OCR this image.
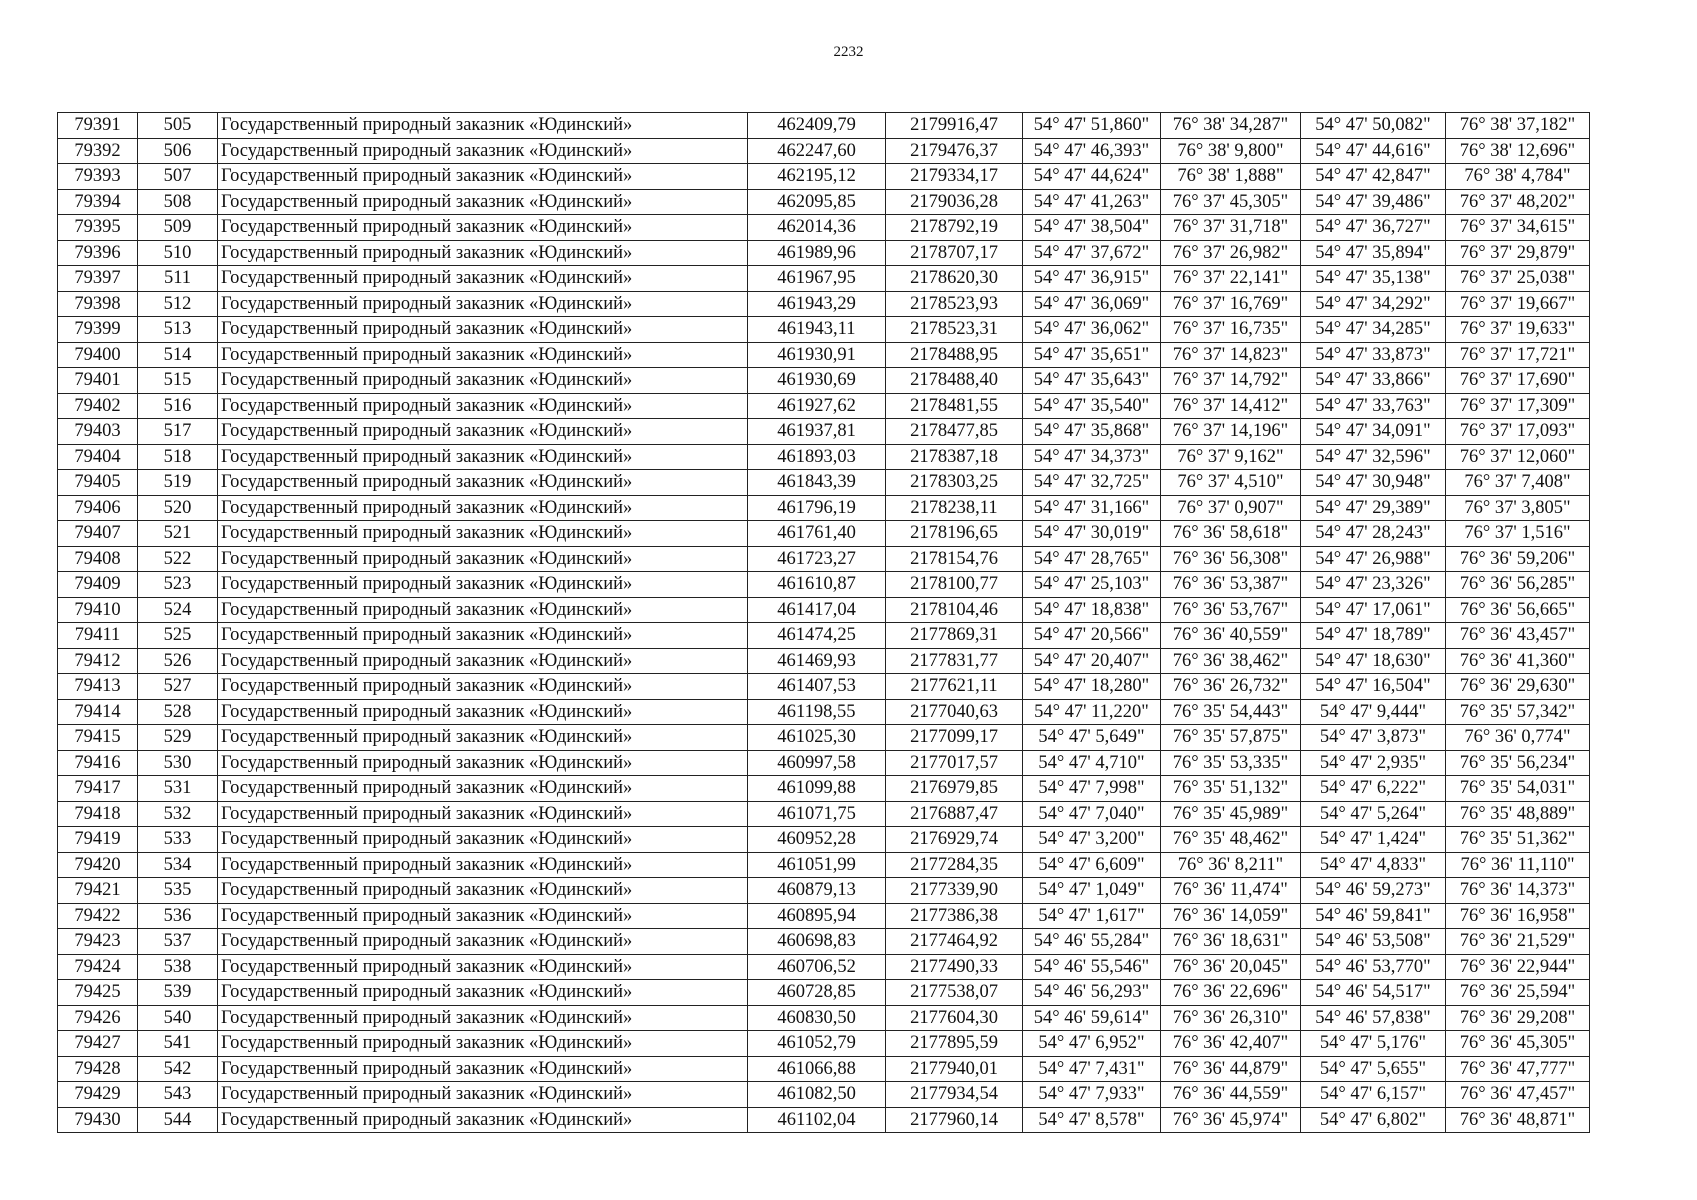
2232
79391	505	Государственный природный заказник «Юдинский»	462409,79	2179916,47	54° 47' 51,860"	76° 38' 34,287"	54° 47' 50,082"	76° 38' 37,182"
79392	506	Государственный природный заказник «Юдинский»	462247,60	2179476,37	54° 47' 46,393"	76° 38' 9,800"	54° 47' 44,616"	76° 38' 12,696"
79393	507	Государственный природный заказник «Юдинский»	462195,12	2179334,17	54° 47' 44,624"	76° 38' 1,888"	54° 47' 42,847"	76° 38' 4,784"
79394	508	Государственный природный заказник «Юдинский»	462095,85	2179036,28	54° 47' 41,263"	76° 37' 45,305"	54° 47' 39,486"	76° 37' 48,202"
79395	509	Государственный природный заказник «Юдинский»	462014,36	2178792,19	54° 47' 38,504"	76° 37' 31,718"	54° 47' 36,727"	76° 37' 34,615"
79396	510	Государственный природный заказник «Юдинский»	461989,96	2178707,17	54° 47' 37,672"	76° 37' 26,982"	54° 47' 35,894"	76° 37' 29,879"
79397	511	Государственный природный заказник «Юдинский»	461967,95	2178620,30	54° 47' 36,915"	76° 37' 22,141"	54° 47' 35,138"	76° 37' 25,038"
79398	512	Государственный природный заказник «Юдинский»	461943,29	2178523,93	54° 47' 36,069"	76° 37' 16,769"	54° 47' 34,292"	76° 37' 19,667"
79399	513	Государственный природный заказник «Юдинский»	461943,11	2178523,31	54° 47' 36,062"	76° 37' 16,735"	54° 47' 34,285"	76° 37' 19,633"
79400	514	Государственный природный заказник «Юдинский»	461930,91	2178488,95	54° 47' 35,651"	76° 37' 14,823"	54° 47' 33,873"	76° 37' 17,721"
79401	515	Государственный природный заказник «Юдинский»	461930,69	2178488,40	54° 47' 35,643"	76° 37' 14,792"	54° 47' 33,866"	76° 37' 17,690"
79402	516	Государственный природный заказник «Юдинский»	461927,62	2178481,55	54° 47' 35,540"	76° 37' 14,412"	54° 47' 33,763"	76° 37' 17,309"
79403	517	Государственный природный заказник «Юдинский»	461937,81	2178477,85	54° 47' 35,868"	76° 37' 14,196"	54° 47' 34,091"	76° 37' 17,093"
79404	518	Государственный природный заказник «Юдинский»	461893,03	2178387,18	54° 47' 34,373"	76° 37' 9,162"	54° 47' 32,596"	76° 37' 12,060"
79405	519	Государственный природный заказник «Юдинский»	461843,39	2178303,25	54° 47' 32,725"	76° 37' 4,510"	54° 47' 30,948"	76° 37' 7,408"
79406	520	Государственный природный заказник «Юдинский»	461796,19	2178238,11	54° 47' 31,166"	76° 37' 0,907"	54° 47' 29,389"	76° 37' 3,805"
79407	521	Государственный природный заказник «Юдинский»	461761,40	2178196,65	54° 47' 30,019"	76° 36' 58,618"	54° 47' 28,243"	76° 37' 1,516"
79408	522	Государственный природный заказник «Юдинский»	461723,27	2178154,76	54° 47' 28,765"	76° 36' 56,308"	54° 47' 26,988"	76° 36' 59,206"
79409	523	Государственный природный заказник «Юдинский»	461610,87	2178100,77	54° 47' 25,103"	76° 36' 53,387"	54° 47' 23,326"	76° 36' 56,285"
79410	524	Государственный природный заказник «Юдинский»	461417,04	2178104,46	54° 47' 18,838"	76° 36' 53,767"	54° 47' 17,061"	76° 36' 56,665"
79411	525	Государственный природный заказник «Юдинский»	461474,25	2177869,31	54° 47' 20,566"	76° 36' 40,559"	54° 47' 18,789"	76° 36' 43,457"
79412	526	Государственный природный заказник «Юдинский»	461469,93	2177831,77	54° 47' 20,407"	76° 36' 38,462"	54° 47' 18,630"	76° 36' 41,360"
79413	527	Государственный природный заказник «Юдинский»	461407,53	2177621,11	54° 47' 18,280"	76° 36' 26,732"	54° 47' 16,504"	76° 36' 29,630"
79414	528	Государственный природный заказник «Юдинский»	461198,55	2177040,63	54° 47' 11,220"	76° 35' 54,443"	54° 47' 9,444"	76° 35' 57,342"
79415	529	Государственный природный заказник «Юдинский»	461025,30	2177099,17	54° 47' 5,649"	76° 35' 57,875"	54° 47' 3,873"	76° 36' 0,774"
79416	530	Государственный природный заказник «Юдинский»	460997,58	2177017,57	54° 47' 4,710"	76° 35' 53,335"	54° 47' 2,935"	76° 35' 56,234"
79417	531	Государственный природный заказник «Юдинский»	461099,88	2176979,85	54° 47' 7,998"	76° 35' 51,132"	54° 47' 6,222"	76° 35' 54,031"
79418	532	Государственный природный заказник «Юдинский»	461071,75	2176887,47	54° 47' 7,040"	76° 35' 45,989"	54° 47' 5,264"	76° 35' 48,889"
79419	533	Государственный природный заказник «Юдинский»	460952,28	2176929,74	54° 47' 3,200"	76° 35' 48,462"	54° 47' 1,424"	76° 35' 51,362"
79420	534	Государственный природный заказник «Юдинский»	461051,99	2177284,35	54° 47' 6,609"	76° 36' 8,211"	54° 47' 4,833"	76° 36' 11,110"
79421	535	Государственный природный заказник «Юдинский»	460879,13	2177339,90	54° 47' 1,049"	76° 36' 11,474"	54° 46' 59,273"	76° 36' 14,373"
79422	536	Государственный природный заказник «Юдинский»	460895,94	2177386,38	54° 47' 1,617"	76° 36' 14,059"	54° 46' 59,841"	76° 36' 16,958"
79423	537	Государственный природный заказник «Юдинский»	460698,83	2177464,92	54° 46' 55,284"	76° 36' 18,631"	54° 46' 53,508"	76° 36' 21,529"
79424	538	Государственный природный заказник «Юдинский»	460706,52	2177490,33	54° 46' 55,546"	76° 36' 20,045"	54° 46' 53,770"	76° 36' 22,944"
79425	539	Государственный природный заказник «Юдинский»	460728,85	2177538,07	54° 46' 56,293"	76° 36' 22,696"	54° 46' 54,517"	76° 36' 25,594"
79426	540	Государственный природный заказник «Юдинский»	460830,50	2177604,30	54° 46' 59,614"	76° 36' 26,310"	54° 46' 57,838"	76° 36' 29,208"
79427	541	Государственный природный заказник «Юдинский»	461052,79	2177895,59	54° 47' 6,952"	76° 36' 42,407"	54° 47' 5,176"	76° 36' 45,305"
79428	542	Государственный природный заказник «Юдинский»	461066,88	2177940,01	54° 47' 7,431"	76° 36' 44,879"	54° 47' 5,655"	76° 36' 47,777"
79429	543	Государственный природный заказник «Юдинский»	461082,50	2177934,54	54° 47' 7,933"	76° 36' 44,559"	54° 47' 6,157"	76° 36' 47,457"
79430	544	Государственный природный заказник «Юдинский»	461102,04	2177960,14	54° 47' 8,578"	76° 36' 45,974"	54° 47' 6,802"	76° 36' 48,871"
